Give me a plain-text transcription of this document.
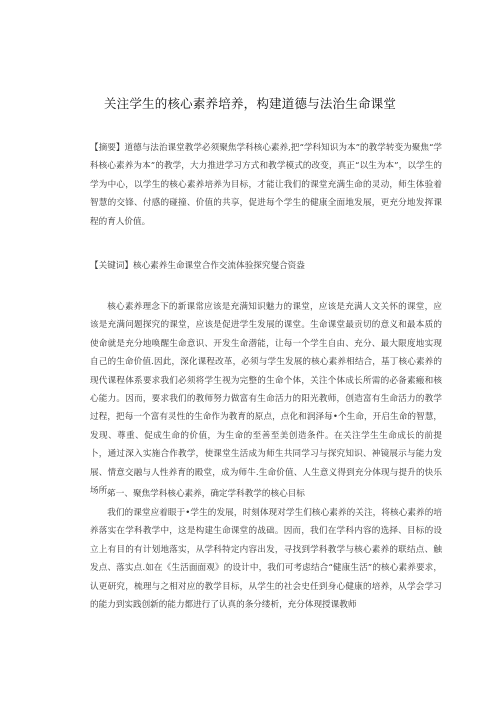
关注学生的核心素养培养，构建道德与法治生命课堂

【摘要】道德与法治课堂教学必须聚焦学科核心素养,把“学科知识为本”的教学转变为聚焦“学科核心素养为本”的教学，大力推进学习方式和教学模式的改变，真正“以生为本”，以学生的学为中心，以学生的核心素养培养为目标，才能让我们的课堂充满生命的灵动，师生体验着智慧的交锋、付感的碰撞、价值的共享，促进每个学生的健康全面地发展，更充分地发挥课程的育人价值。

【关键词】核心素养生命课堂合作交流体验探究燮合资盎

核心素养理念下的新课常应该是充满知识魅力的课堂，应该是充满人文关怀的课堂，应该是充满问题探究的课堂，应该是促进学生发展的课堂。生命课堂最贡切的意义和最本质的使命就是充分地唤醒生命意识、开发生命潜能，让每一个学生自由、充分、最大限度地实现自己的生命价值.因此，深化课程改革，必须与学生发展的核心素养相结合，基丁核心素养的现代课程体系要求我们必须将学生视为完整的生命个体，关注个体成长所需的必备素瘢和核心能力。因而，要求我们的教师努力做富有生命活力的阳光教师，创造富有生命活力的教学过程，把每一个富有灵性的生命作为教育的原点，点化和润泽每•个生命，开启生命的智慧，发现、尊重、促成生命的价值，为生命的至善至美创造条件。在关注学生生命成长的前提卜，通过深入实施合作教学，使课堂生活成为师生共同学习与探究知识、神镜展示与能力发展、情意交融与人性养育的殿堂，成为师牛.生命价值、人生意义得到充分体现与提升的快乐场所。

笫一、聚焦学科核心素养，确定学科教学的核心目标

我们的课堂应着眼于•学生的发展，时刻体现对学生们核心素养的关注，将核心素养的培养落实在学科教学中，这是构建生命课堂的战础。因而，我们在学科内容的选择、目标的设立上有目的有计划地落实，从学科特定内容出发，寻找到学科教学与核心素养的联结点、触发点、落实点.如在《生活面面观》的设计中，我们可考虑结合“健康生活”的核心素养要求，认更研究，梳理与之相对应的教学目标，从学生的社会史任到身心健康的培养，从学会学习的能力到实践创新的能力都进行了认真的条分缕析，充分体现授课教师
